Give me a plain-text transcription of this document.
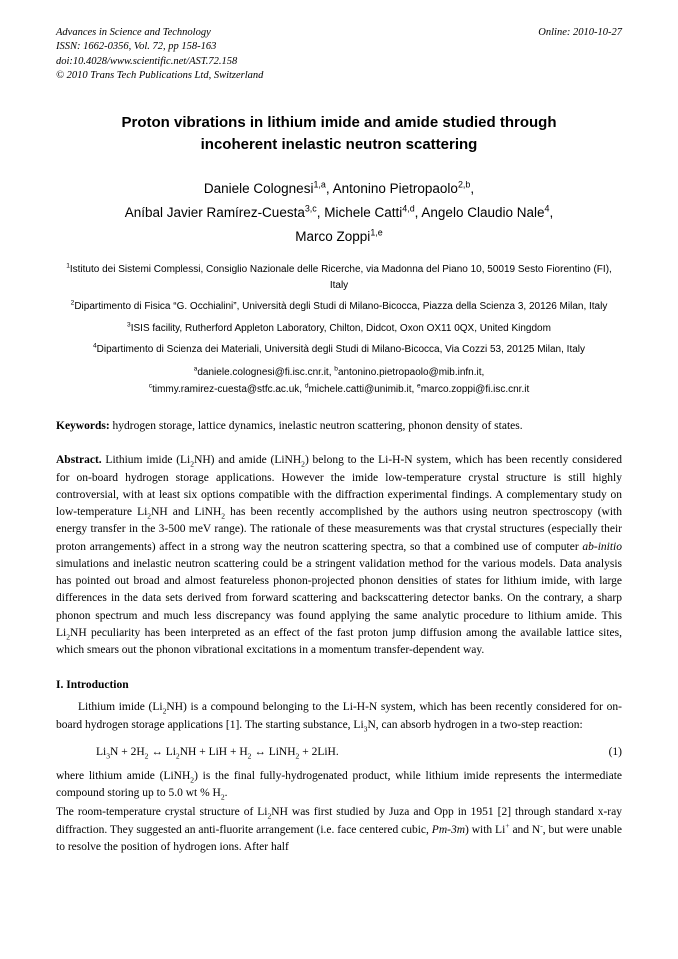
Advances in Science and Technology
ISSN: 1662-0356, Vol. 72, pp 158-163
doi:10.4028/www.scientific.net/AST.72.158
© 2010 Trans Tech Publications Ltd, Switzerland
Online: 2010-10-27
Proton vibrations in lithium imide and amide studied through
incoherent inelastic neutron scattering
Daniele Colognesi$^{1,a}$, Antonino Pietropaolo$^{2,b}$,
Aníbal Javier Ramírez-Cuesta$^{3,c}$, Michele Catti$^{4,d}$, Angelo Claudio Nale$^4$,
Marco Zoppi$^{1,e}$
$^1$Istituto dei Sistemi Complessi, Consiglio Nazionale delle Ricerche, via Madonna del Piano 10, 50019 Sesto Fiorentino (FI), Italy
$^2$Dipartimento di Fisica “G. Occhialini”, Università degli Studi di Milano-Bicocca, Piazza della Scienza 3, 20126 Milan, Italy
$^3$ISIS facility, Rutherford Appleton Laboratory, Chilton, Didcot, Oxon OX11 0QX, United Kingdom
$^4$Dipartimento di Scienza dei Materiali, Università degli Studi di Milano-Bicocca, Via Cozzi 53, 20125 Milan, Italy
$^a$daniele.colognesi@fi.isc.cnr.it, $^b$antonino.pietropaolo@mib.infn.it,
$^c$timmy.ramirez-cuesta@stfc.ac.uk, $^d$michele.catti@unimib.it, $^e$marco.zoppi@fi.isc.cnr.it
Keywords: hydrogen storage, lattice dynamics, inelastic neutron scattering, phonon density of states.
Abstract. Lithium imide $(Li_2NH)$ and amide (LiNH$_2$) belong to the Li-H-N system, which has been recently considered for on-board hydrogen storage applications. However the imide low-temperature crystal structure is still highly controversial, with at least six options compatible with the diffraction experimental findings. A complementary study on low-temperature $Li_2NH$ and LiNH$_2$ has been recently accomplished by the authors using neutron spectroscopy (with energy transfer in the 3-500 meV range). The rationale of these measurements was that crystal structures (especially their proton arrangements) affect in a strong way the neutron scattering spectra, so that a combined use of computer ab-initio simulations and inelastic neutron scattering could be a stringent validation method for the various models. Data analysis has pointed out broad and almost featureless phonon-projected phonon densities of states for lithium imide, with large differences in the data sets derived from forward scattering and backscattering detector banks. On the contrary, a sharp phonon spectrum and much less discrepancy was found applying the same analytic procedure to lithium amide. This $Li_2NH$ peculiarity has been interpreted as an effect of the fast proton jump diffusion among the available lattice sites, which smears out the phonon vibrational excitations in a momentum transfer-dependent way.
I. Introduction
Lithium imide $(Li_2NH)$ is a compound belonging to the Li-H-N system, which has been recently considered for on-board hydrogen storage applications [1]. The starting substance, $Li_3N$, can absorb hydrogen in a two-step reaction:
$Li_3N + 2H_2$ ↔ $Li_2NH$ + LiH + $H_2$ ↔ LiNH$_2$ + 2LiH.	(1)
where lithium amide (LiNH$_2$) is the final fully-hydrogenated product, while lithium imide represents the intermediate compound storing up to 5.0 wt % $H_2$.
The room-temperature crystal structure of $Li_2NH$ was first studied by Juza and Opp in 1951 [2] through standard x-ray diffraction. They suggested an anti-fluorite arrangement (i.e. face centered cubic, Pm-3m) with Li+ and N-, but were unable to resolve the position of hydrogen ions. After half
